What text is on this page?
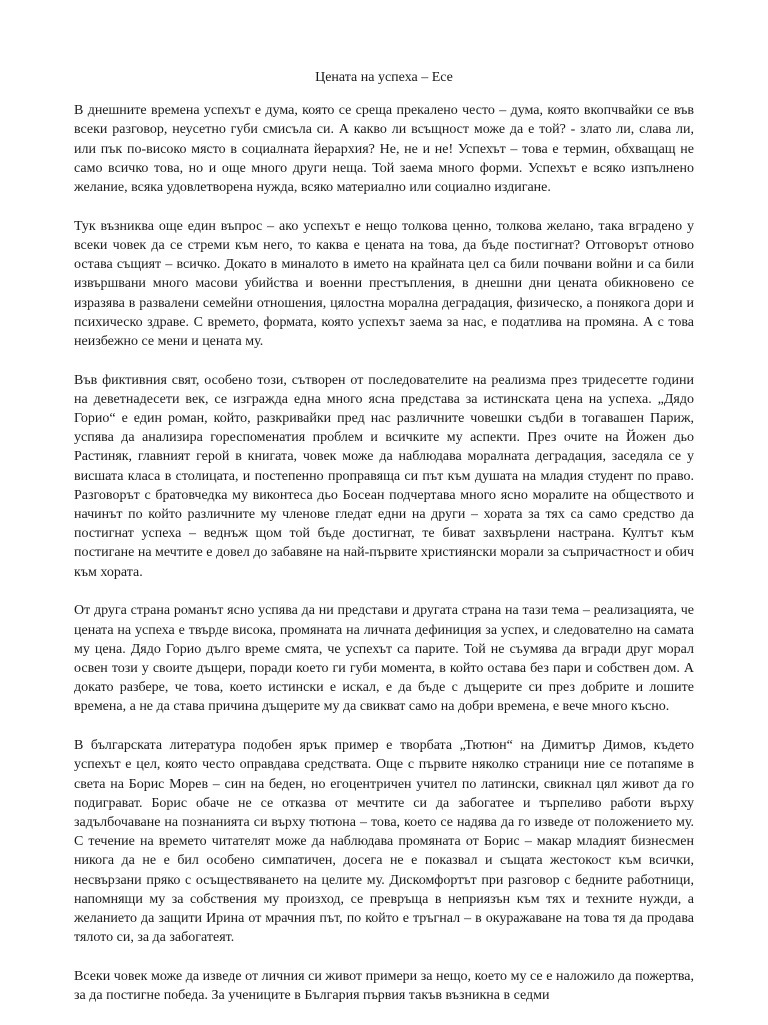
Цената на успеха – Есе

В днешните времена успехът е дума, която се среща прекалено често – дума, която вкопчвайки се във всеки разговор, неусетно губи смисъла си. А какво ли всъщност може да е той? - злато ли, слава ли, или пък по-високо място в социалната йерархия? Не, не и не! Успехът – това е термин, обхващащ не само всичко това, но и още много други неща. Той заема много форми. Успехът е всяко изпълнено желание, всяка удовлетворена нужда, всяко материално или социално издигане.

Тук възниква още един въпрос – ако успехът е нещо толкова ценно, толкова желано, така вградено у всеки човек да се стреми към него, то каква е цената на това, да бъде постигнат? Отговорът отново остава същият – всичко. Докато в миналото в името на крайната цел са били почвани войни и са били извършвани много масови убийства и военни престъпления, в днешни дни цената обикновено се изразява в развалени семейни отношения, цялостна морална деградация, физическо, а понякога дори и психическо здраве. С времето, формата, която успехът заема за нас, е податлива на промяна. А с това неизбежно се мени и цената му.

Във фиктивния свят, особено този, сътворен от последователите на реализма през тридесетте години на деветнадесети век, се изгражда една много ясна представа за истинската цена на успеха. „Дядо Горио“ е един роман, който, разкривайки пред нас различните човешки съдби в тогавашен Париж, успява да анализира гореспоменатия проблем и всичките му аспекти. През очите на Йожен дьо Растиняк, главният герой в книгата, човек може да наблюдава моралната деградация, заседяла се у висшата класа в столицата, и постепенно проправяща си път към душата на младия студент по право. Разговорът с братовчедка му виконтеса дьо Босеан подчертава много ясно моралите на обществото и начинът по който различните му членове гледат едни на други – хората за тях са само средство да постигнат успеха – веднъж щом той бъде достигнат, те биват захвърлени настрана. Култът към постигане на мечтите е довел до забавяне на най-първите християнски морали за съпричастност и обич към хората.

От друга страна романът ясно успява да ни представи и другата страна на тази тема – реализацията, че цената на успеха е твърде висока, промяната на личната дефиниция за успех, и следователно на самата му цена. Дядо Горио дълго време смята, че успехът са парите. Той не съумява да вгради друг морал освен този у своите дъщери, поради което ги губи момента, в който остава без пари и собствен дом. А докато разбере, че това, което истински е искал, е да бъде с дъщерите си през добрите и лошите времена, а не да става причина дъщерите му да свикват само на добри времена, е вече много късно.

В българската литература подобен ярък пример е творбата „Тютюн“ на Димитър Димов, където успехът е цел, която често оправдава средствата. Още с първите няколко страници ние се потапяме в света на Борис Морев – син на беден, но егоцентричен учител по латински, свикнал цял живот да го подиграват. Борис обаче не се отказва от мечтите си да забогатее и търпеливо работи върху задълбочаване на познанията си върху тютюна – това, което се надява да го изведе от положението му. С течение на времето читателят може да наблюдава промяната от Борис – макар младият бизнесмен никога да не е бил особено симпатичен, досега не е показвал и същата жестокост към всички, несвързани пряко с осъществяването на целите му. Дискомфортът при разговор с бедните работници, напомнящи му за собствения му произход, се превръща в неприязън към тях и техните нужди, а желанието да защити Ирина от мрачния път, по който е тръгнал – в окуражаване на това тя да продава тялото си, за да забогатеят.

Всеки човек може да изведе от личния си живот примери за нещо, което му се е наложило да пожертва, за да постигне победа. За учениците в България първия такъв възникна в седми
